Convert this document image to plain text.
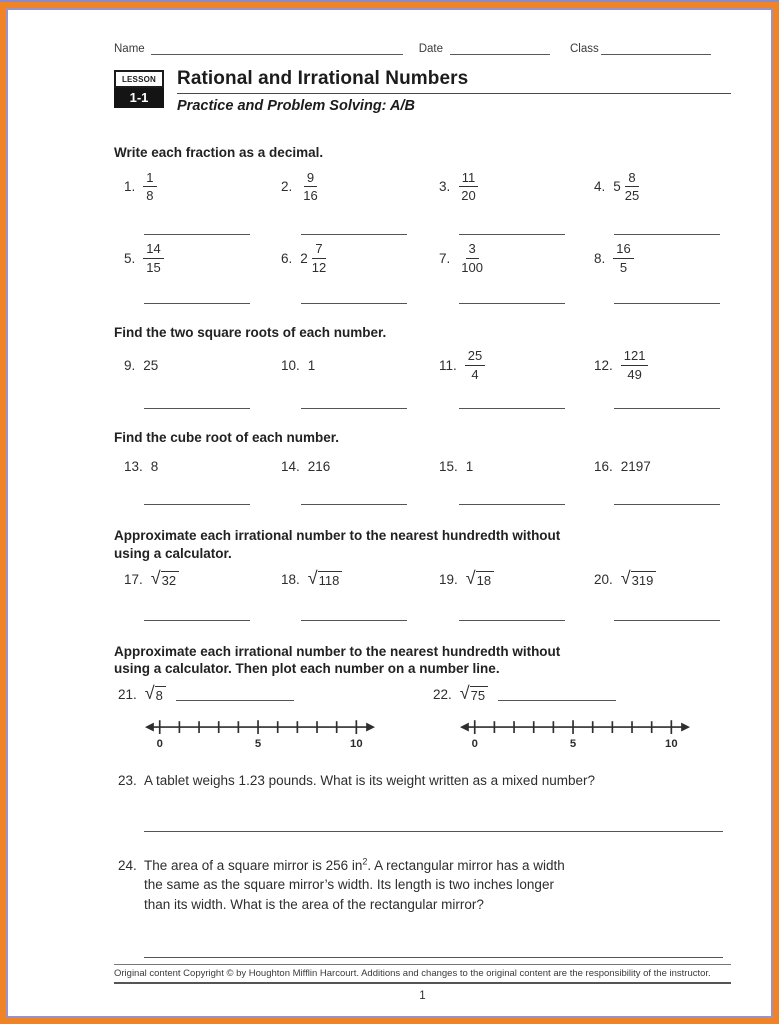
Name	Date	Class
LESSON
1-1
Rational and Irrational Numbers
Practice and Problem Solving: A/B
Write each fraction as a decimal.
1. $\frac{1}{8}$	2. $\frac{9}{16}$	3. $\frac{11}{20}$	4. $5 \frac{8}{25}$
5. $\frac{14}{15}$	6. $2 \frac{7}{12}$	7. $\frac{3}{100}$	8. $\frac{16}{5}$
Find the two square roots of each number.
9. 25	10. 1	11. $\frac{25}{4}$	12. $\frac{121}{49}$
Find the cube root of each number.
13. 8	14. 216	15. 1	16. 2197
Approximate each irrational number to the nearest hundredth without
using a calculator.
17. √ 32	18. √ 118	19. √ 18	20. √ 319
Approximate each irrational number to the nearest hundredth without
using a calculator. Then plot each number on a number line.
21. √ 8	22. √ 75
0	5	10	0	5	10
23. A tablet weighs 1.23 pounds. What is its weight written as a mixed number?
24. The area of a square mirror is 256 $in^2$. A rectangular mirror has a width
the same as the square mirror’s width. Its length is two inches longer
than its width. What is the area of the rectangular mirror?
Original content Copyright © by Houghton Mifflin Harcourt. Additions and changes to the original content are the responsibility of the instructor.
1
